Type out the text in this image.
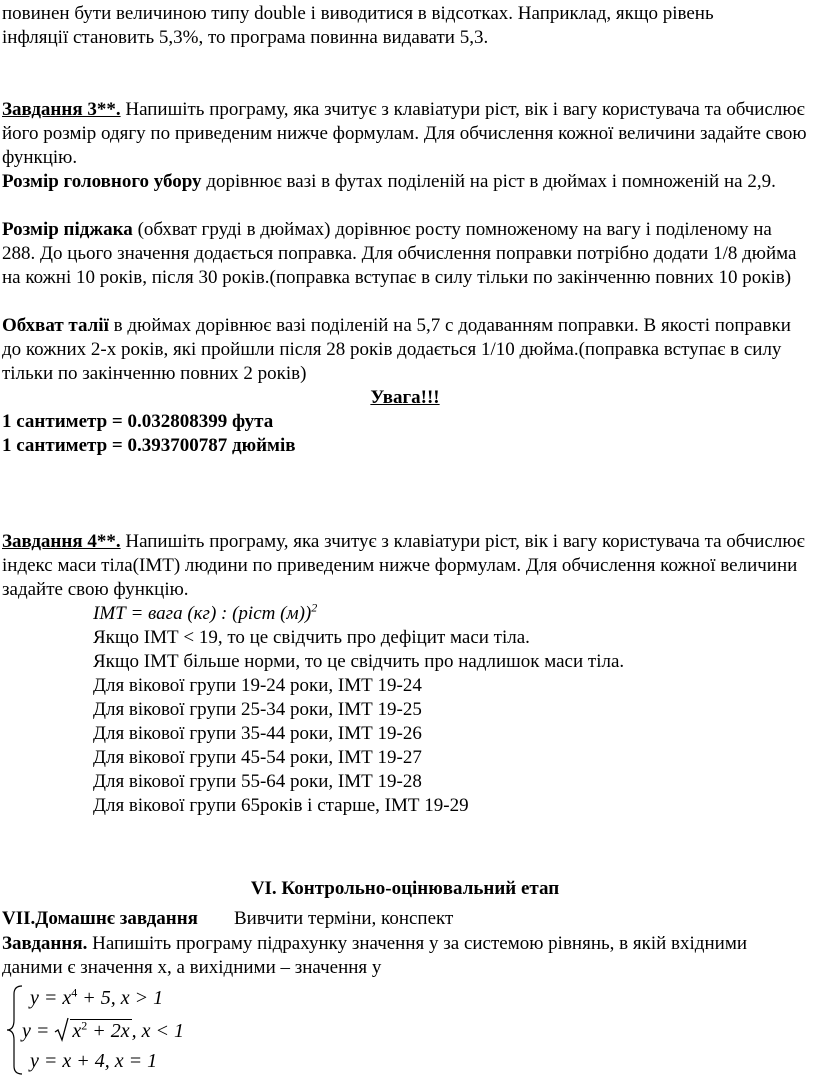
повинен бути величиною типу double і виводитися в відсотках. Наприклад, якщо рівень
інфляції становить 5,3%, то програма повинна видавати 5,3.

Завдання 3**. Напишіть програму, яка зчитує з клавіатури ріст, вік і вагу користувача та обчислює його розмір одягу по приведеним нижче формулам. Для обчислення кожної величини задайте свою функцію.

Розмір головного убору дорівнює вазі в футах поділеній на ріст в дюймах і помноженій на 2,9.

Розмір піджака (обхват груді в дюймах) дорівнює росту помноженому на вагу і поділеному на 288. До цього значення додається поправка. Для обчислення поправки потрібно додати 1/8 дюйма на кожні 10 років, після 30 років.(поправка вступає в силу тільки по закінченню повних 10 років)

Обхват талії в дюймах дорівнює вазі поділеній на 5,7 с додаванням поправки. В якості поправки до кожних 2-х років, які пройшли після 28 років додається 1/10 дюйма.(поправка вступає в силу тільки по закінченню повних 2 років)

Увага!!!
1 сантиметр = 0.032808399 фута
1 сантиметр = 0.393700787 дюймів

Завдання 4**. Напишіть програму, яка зчитує з клавіатури ріст, вік і вагу користувача та обчислює індекс маси тіла(ІМТ) людини по приведеним нижче формулам. Для обчислення кожної величини задайте свою функцію.

ІМТ = вага (кг) : (ріст (м))$^2$
Якщо ІМТ < 19, то це свідчить про дефіцит маси тіла.
Якщо ІМТ більше норми, то це свідчить про надлишок маси тіла.
Для вікової групи 19-24 роки, ІМТ 19-24
Для вікової групи 25-34 роки, ІМТ 19-25
Для вікової групи 35-44 роки, ІМТ 19-26
Для вікової групи 45-54 роки, ІМТ 19-27
Для вікової групи 55-64 роки, ІМТ 19-28
Для вікової групи 65років і старше, ІМТ 19-29
VI. Контрольно-оцінювальний етап
VII.Домашнє завдання Вивчити терміни, конспект

Завдання. Напишіть програму підрахунку значення у за системою рівнянь, в якій вхідними даними є значення х, а вихідними – значення у

$y = x^4 + 5$, x > 1
$y = x^2 + 2x$ , x < 1
y = x + 4, x = 1
